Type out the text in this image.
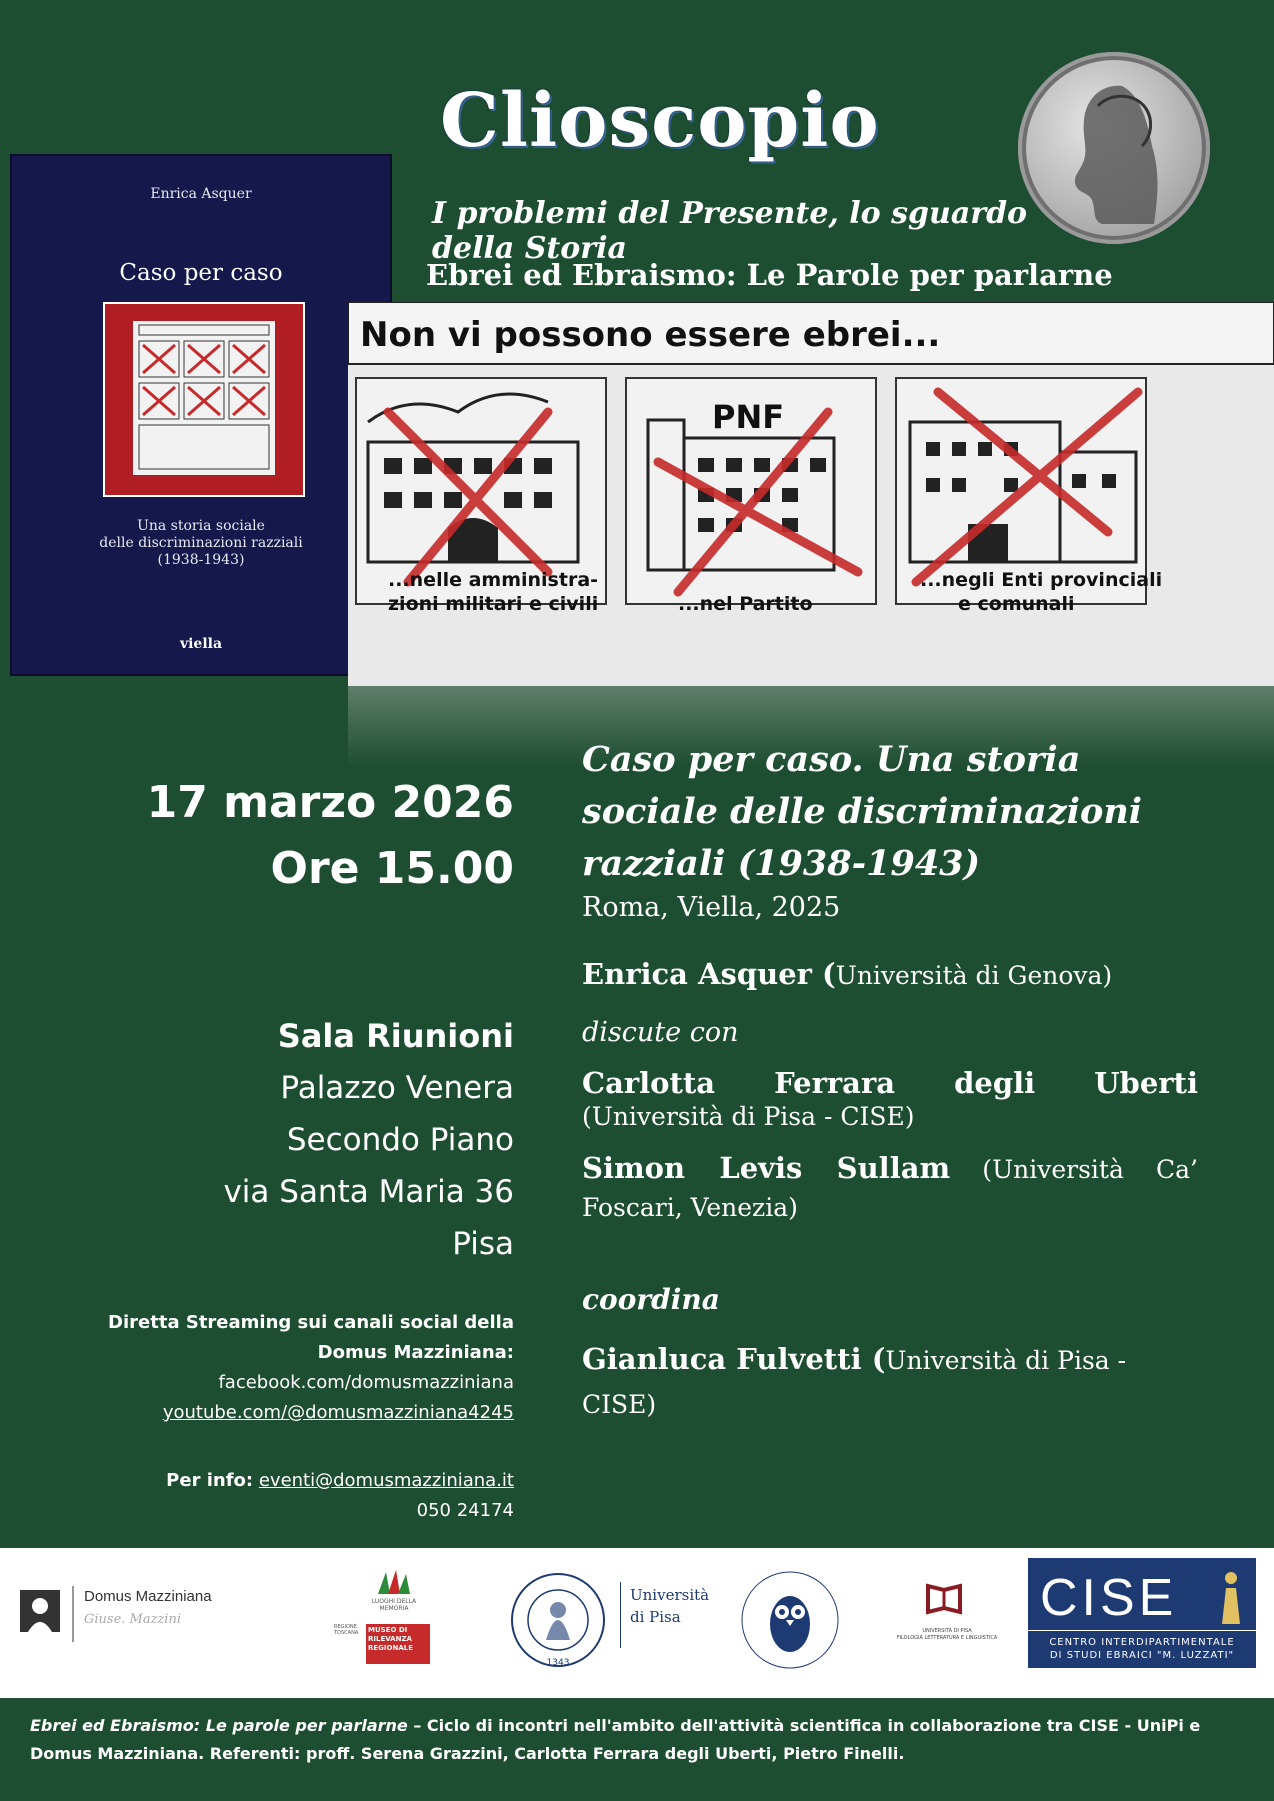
Clioscopio
I problemi del Presente, lo sguardo della Storia
Ebrei ed Ebraismo: Le Parole per parlarne
Enrica Asquer
Caso per caso
Una storia sociale
delle discriminazioni razziali
(1938-1943)
viella
Non vi possono essere ebrei...
PNF
...nelle amministra-
zioni militari e civili	...nel Partito
...negli Enti provinciali
e comunali
17 marzo 2026
Ore 15.00
Sala Riunioni
Palazzo Venera
Secondo Piano
via Santa Maria 36
Pisa
Diretta Streaming sui canali social della
Domus Mazziniana:
facebook.com/domusmazziniana
youtube.com/@domusmazziniana4245
Per info: eventi@domusmazziniana.it
050 24174
Caso per caso. Una storia sociale delle discriminazioni razziali (1938-1943)
Roma, Viella, 2025
Enrica Asquer (Università di Genova)
discute con
Carlotta Ferrara degli Uberti
(Università di Pisa - CISE)
Simon Levis Sullam (Università Ca’ Foscari, Venezia)
coordina
Gianluca Fulvetti (Università di Pisa - CISE)
Domus Mazziniana
Giuse. Mazzini
LUOGHI DELLA MEMORIA
REGIONE TOSCANA	MUSEO DI RILEVANZA REGIONALE
1343
Università
di Pisa
UNIVERSITÀ DI PISA
FILOLOGIA LETTERATURA E LINGUISTICA
CISE
CENTRO INTERDIPARTIMENTALE
DI STUDI EBRAICI "M. LUZZATI"
Ebrei ed Ebraismo: Le parole per parlarne – Ciclo di incontri nell'ambito dell'attività scientifica in collaborazione tra CISE - UniPi e Domus Mazziniana. Referenti: proff. Serena Grazzini, Carlotta Ferrara degli Uberti, Pietro Finelli.
